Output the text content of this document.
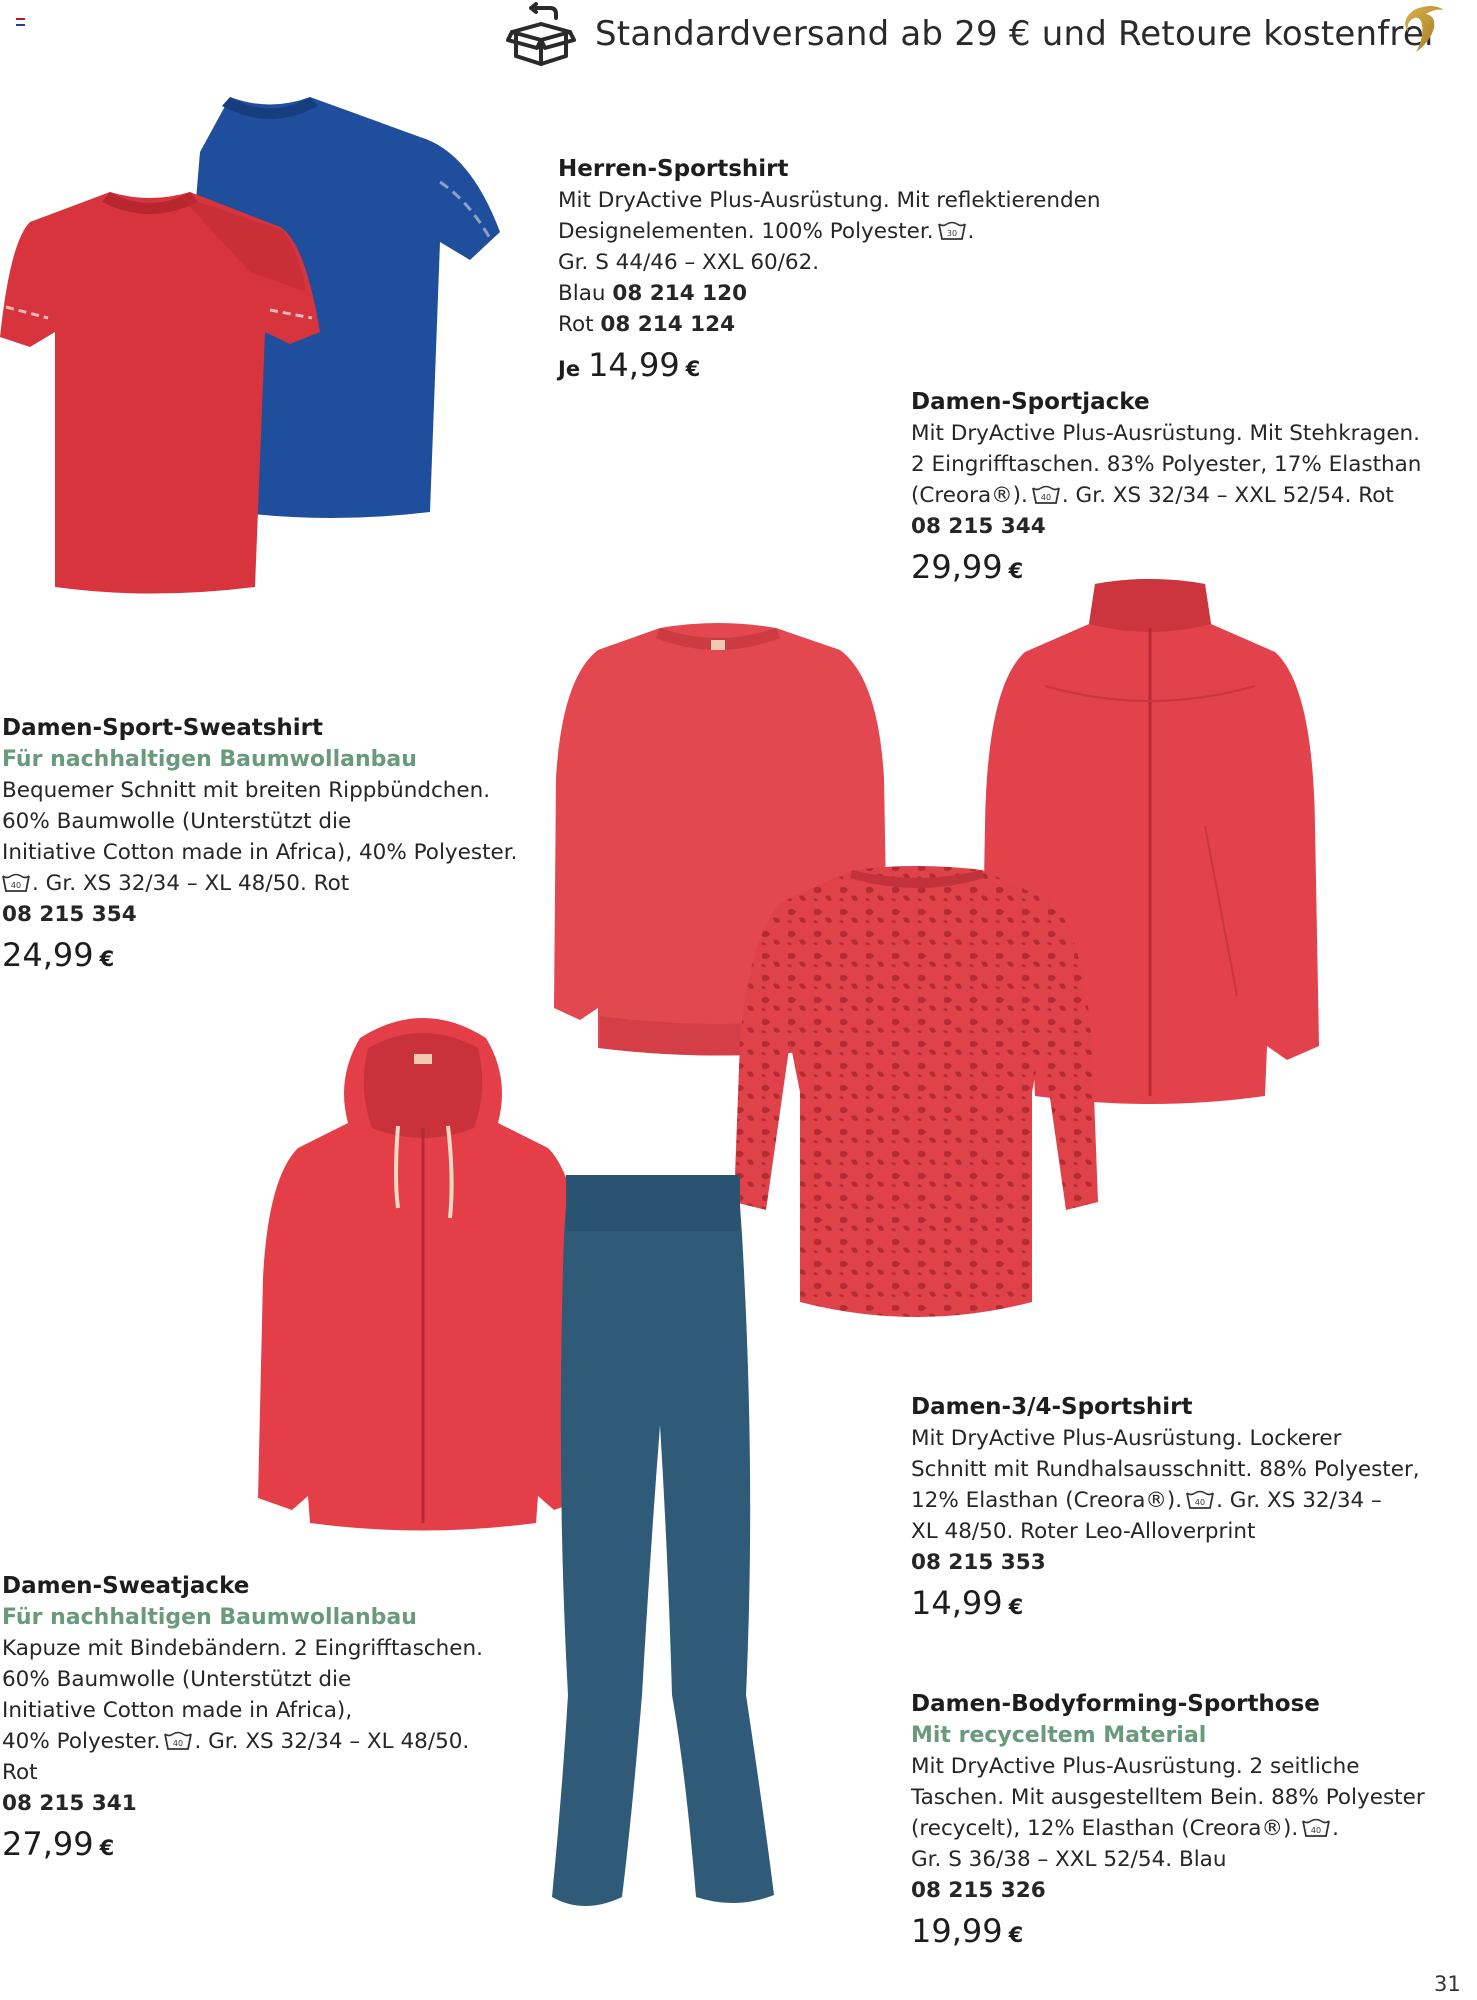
Standardversand ab 29 € und Retoure kostenfrei
Herren-Sportshirt
Mit DryActive Plus-Ausrüstung. Mit reflektierenden
Designelementen. 100% Polyester. 30 .
Gr. S 44/46 – XXL 60/62.
Blau 08 214 120
Rot 08 214 124
Je 14,99 €
Damen-Sportjacke
Mit DryActive Plus-Ausrüstung. Mit Stehkragen.
2 Eingrifftaschen. 83% Polyester, 17% Elasthan
(Creora®). 40 . Gr. XS 32/34 – XXL 52/54. Rot
08 215 344
29,99 €
Damen-Sport-Sweatshirt
Für nachhaltigen Baumwollanbau
Bequemer Schnitt mit breiten Rippbündchen.
60% Baumwolle (Unterstützt die
Initiative Cotton made in Africa), 40% Polyester.
40 . Gr. XS 32/34 – XL 48/50. Rot
08 215 354
24,99 €
Damen-Sweatjacke
Für nachhaltigen Baumwollanbau
Kapuze mit Bindebändern. 2 Eingrifftaschen.
60% Baumwolle (Unterstützt die
Initiative Cotton made in Africa),
40% Polyester. 40 . Gr. XS 32/34 – XL 48/50.
Rot
08 215 341
27,99 €
Damen-3/4-Sportshirt
Mit DryActive Plus-Ausrüstung. Lockerer
Schnitt mit Rundhalsausschnitt. 88% Polyester,
12% Elasthan (Creora®). 40 . Gr. XS 32/34 –
XL 48/50. Roter Leo-Alloverprint
08 215 353
14,99 €
Damen-Bodyforming-Sporthose
Mit recyceltem Material
Mit DryActive Plus-Ausrüstung. 2 seitliche
Taschen. Mit ausgestelltem Bein. 88% Polyester
(recycelt), 12% Elasthan (Creora®). 40 .
Gr. S 36/38 – XXL 52/54. Blau
08 215 326
19,99 €
31
